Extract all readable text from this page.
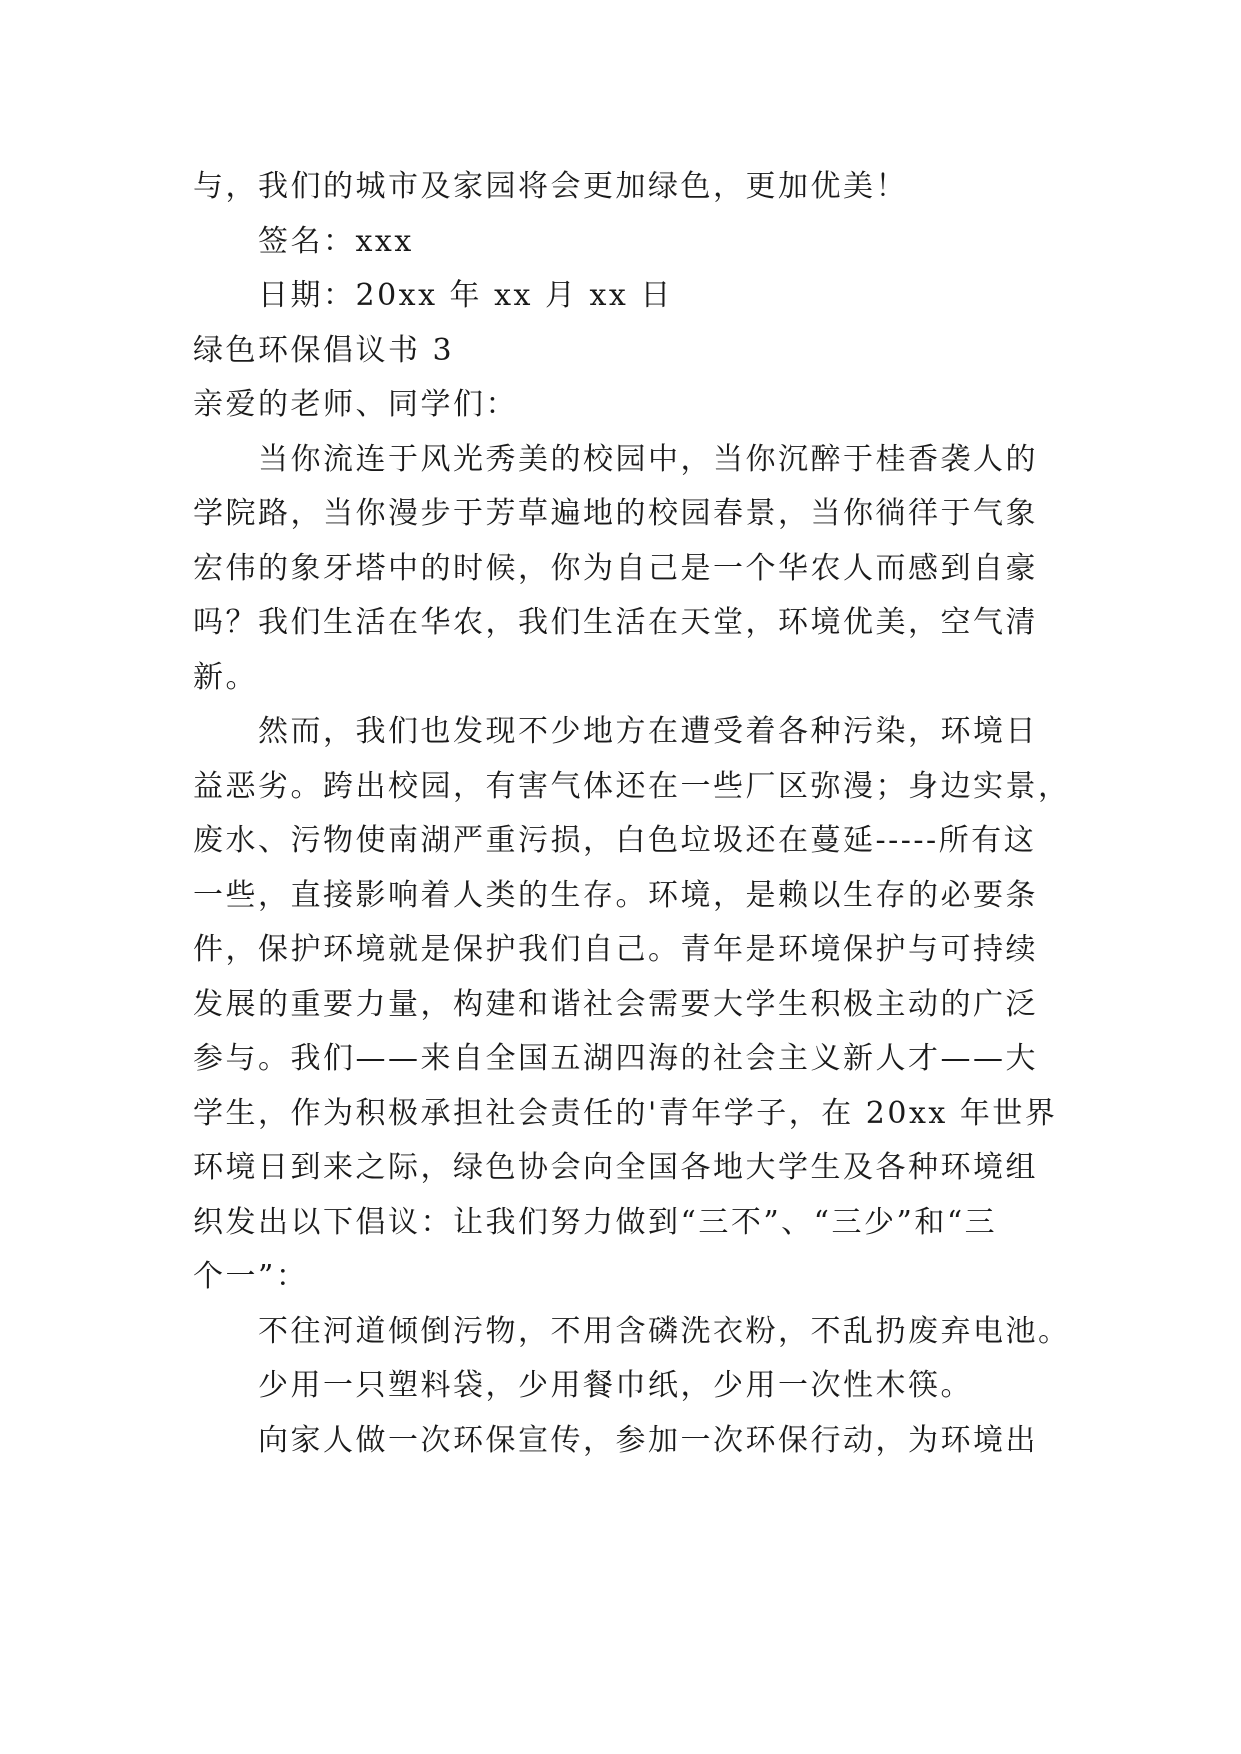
与，我们的城市及家园将会更加绿色，更加优美！
签名：xxx
日期：20xx 年 xx 月 xx 日
绿色环保倡议书 3
亲爱的老师、同学们：
当你流连于风光秀美的校园中，当你沉醉于桂香袭人的
学院路，当你漫步于芳草遍地的校园春景，当你徜徉于气象
宏伟的象牙塔中的时候，你为自己是一个华农人而感到自豪
吗？我们生活在华农，我们生活在天堂，环境优美，空气清
新。
然而，我们也发现不少地方在遭受着各种污染，环境日
益恶劣。跨出校园，有害气体还在一些厂区弥漫；身边实景，
废水、污物使南湖严重污损，白色垃圾还在蔓延-----所有这
一些，直接影响着人类的生存。环境，是赖以生存的必要条
件，保护环境就是保护我们自己。青年是环境保护与可持续
发展的重要力量，构建和谐社会需要大学生积极主动的广泛
参与。我们——来自全国五湖四海的社会主义新人才——大
学生，作为积极承担社会责任的'青年学子，在 20xx 年世界
环境日到来之际，绿色协会向全国各地大学生及各种环境组
织发出以下倡议：让我们努力做到“三不”、“三少”和“三
个一”：
不往河道倾倒污物，不用含磷洗衣粉，不乱扔废弃电池。
少用一只塑料袋，少用餐巾纸，少用一次性木筷。
向家人做一次环保宣传，参加一次环保行动，为环境出
